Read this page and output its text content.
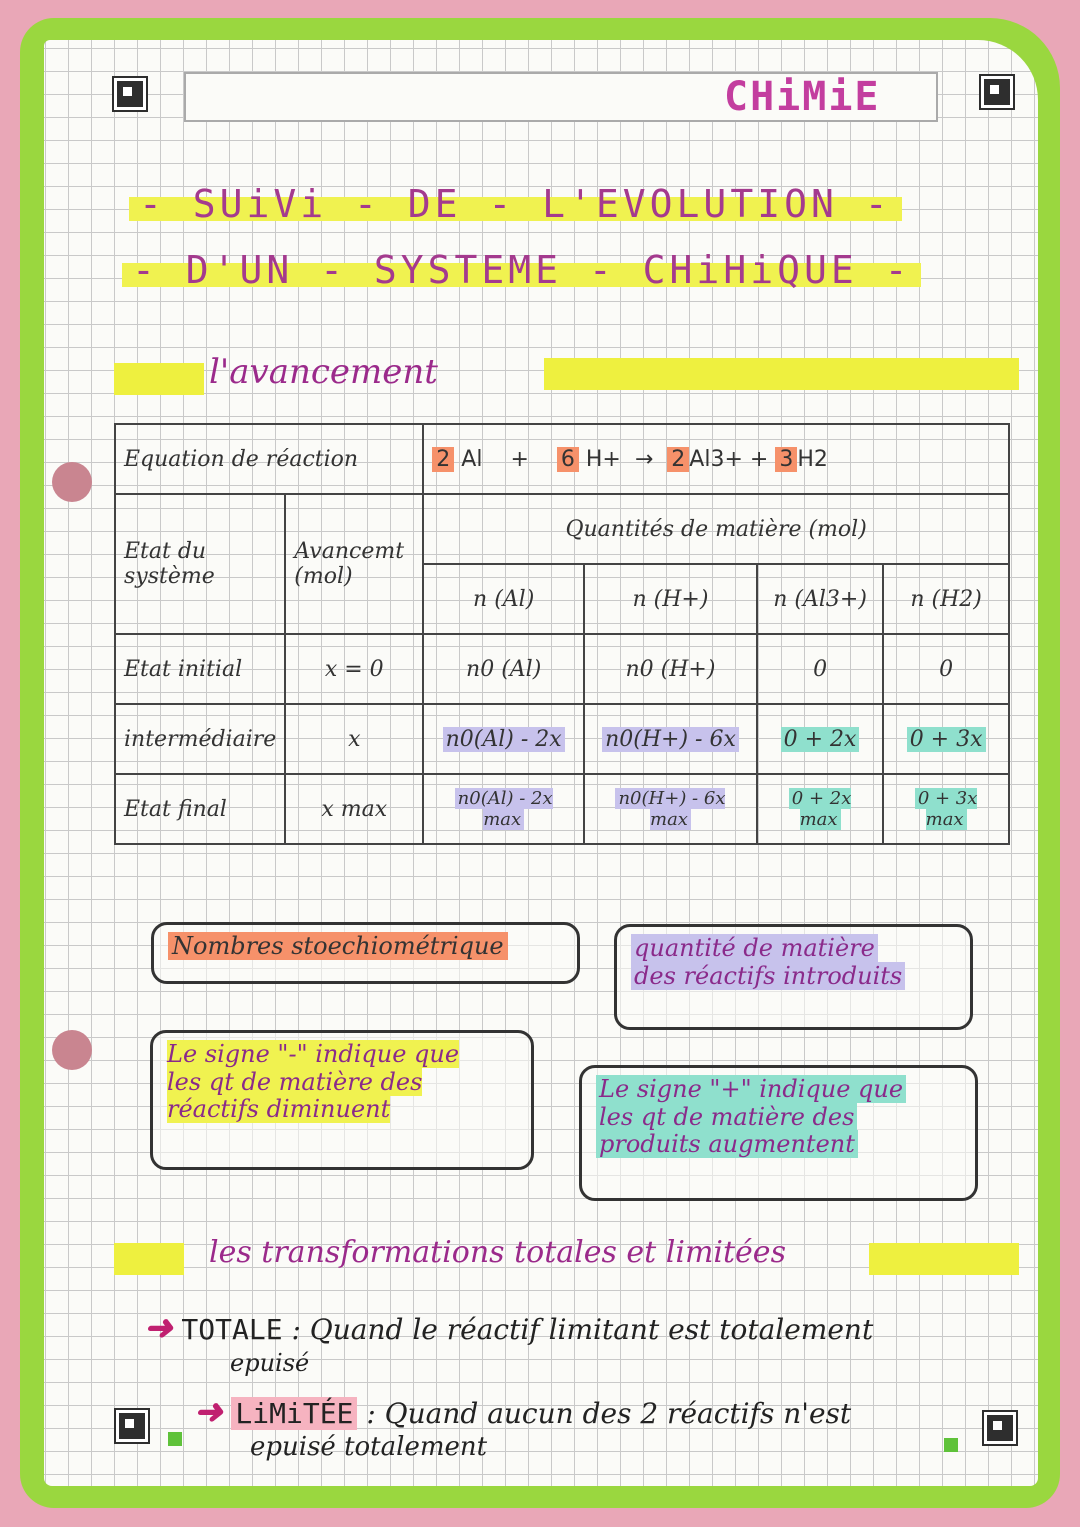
CHiMiE
- SUiVi - DE - L'EVOLUTION -
- D'UN - SYSTEME - CHiHiQUE -
l'avancement
Equation de réaction		2 Al + 6 H+ → 2 Al3+ + 3 H2			
Etat du système	Avancemt (mol)	Quantités de matière (mol)			
		n (Al)	n (H+)	n (Al3+)	n (H2)
Etat initial	x = 0	n0 (Al)	n0 (H+)	0	0
intermédiaire	x	n0(Al) - 2x	n0(H+) - 6x	0 + 2x	0 + 3x
Etat final	x max	n0(Al) - 2x max	n0(H+) - 6x max	0 + 2x max	0 + 3x max
Nombres stoechiométrique	quantité de matière
des réactifs introduits
Le signe "-" indique que
les qt de matière des
réactifs diminuent
Le signe "+" indique que
les qt de matière des
produits augmentent
les transformations totales et limitées
➜ TOTALE : Quand le réactif limitant est totalement
epuisé
➜ LiMiTÉE : Quand aucun des 2 réactifs n'est
epuisé totalement
